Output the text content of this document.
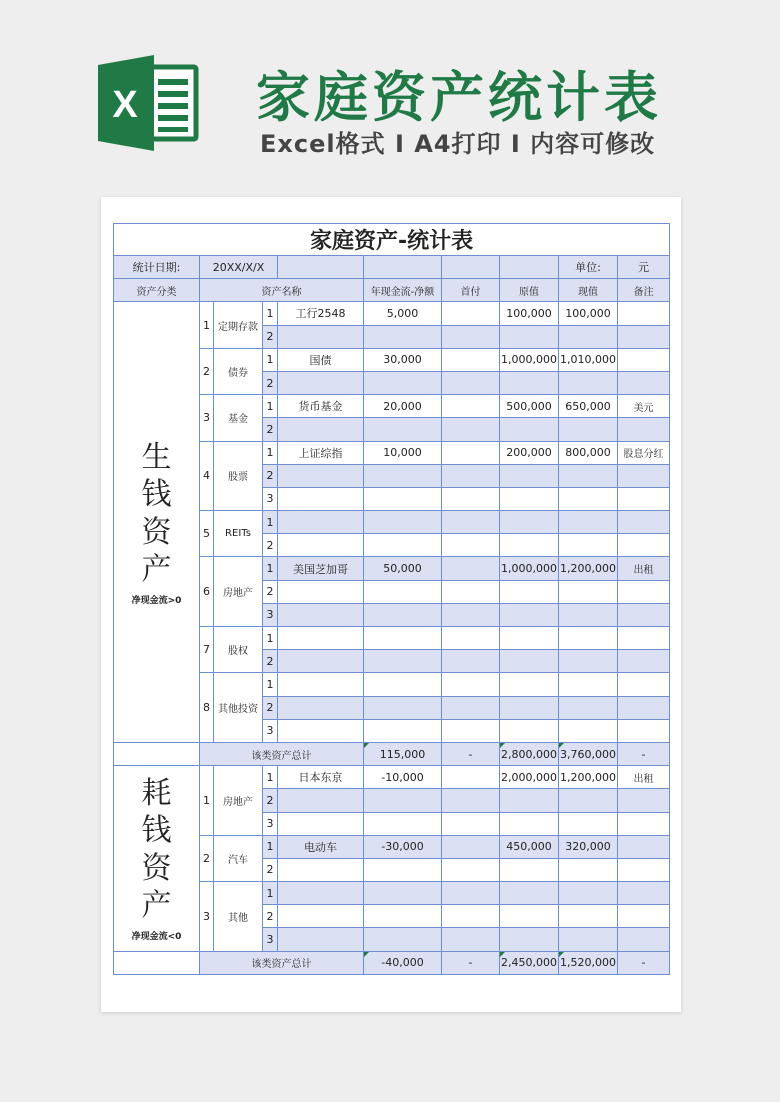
X 家庭资产统计表
Excel格式 Ⅰ A4打印 Ⅰ 内容可修改
家庭资产-统计表									
统计日期:	20XX/X/X							单位:	元
资产分类	资产名称				年现金流-净额	首付	原值	现值	备注

生
钱
资
产
净现金流>0	1	定期存款	1	工行2548	5,000		100,000	100,000	
			2						
	2	债券	1	国债	30,000		1,000,000	1,010,000	
			2						
	3	基金	1	货币基金	20,000		500,000	650,000	美元
			2						
	4	股票	1	上证综指	10,000		200,000	800,000	股息分红
			2						
			3						
	5	REITs	1						
			2						
	6	房地产	1	美国芝加哥	50,000		1,000,000	1,200,000	出租
			2						
			3						
	7	股权	1						
			2						
	8	其他投资	1						
			2						
			3						
	该类资产总计				115,000	-	2,800,000	3,760,000	-

耗
钱
资
产
净现金流<0	1	房地产	1	日本东京	-10,000		2,000,000	1,200,000	出租
			2						
			3						
	2	汽车	1	电动车	-30,000		450,000	320,000	
			2						
	3	其他	1						
			2						
			3						
	该类资产总计				-40,000	-	2,450,000	1,520,000	-
